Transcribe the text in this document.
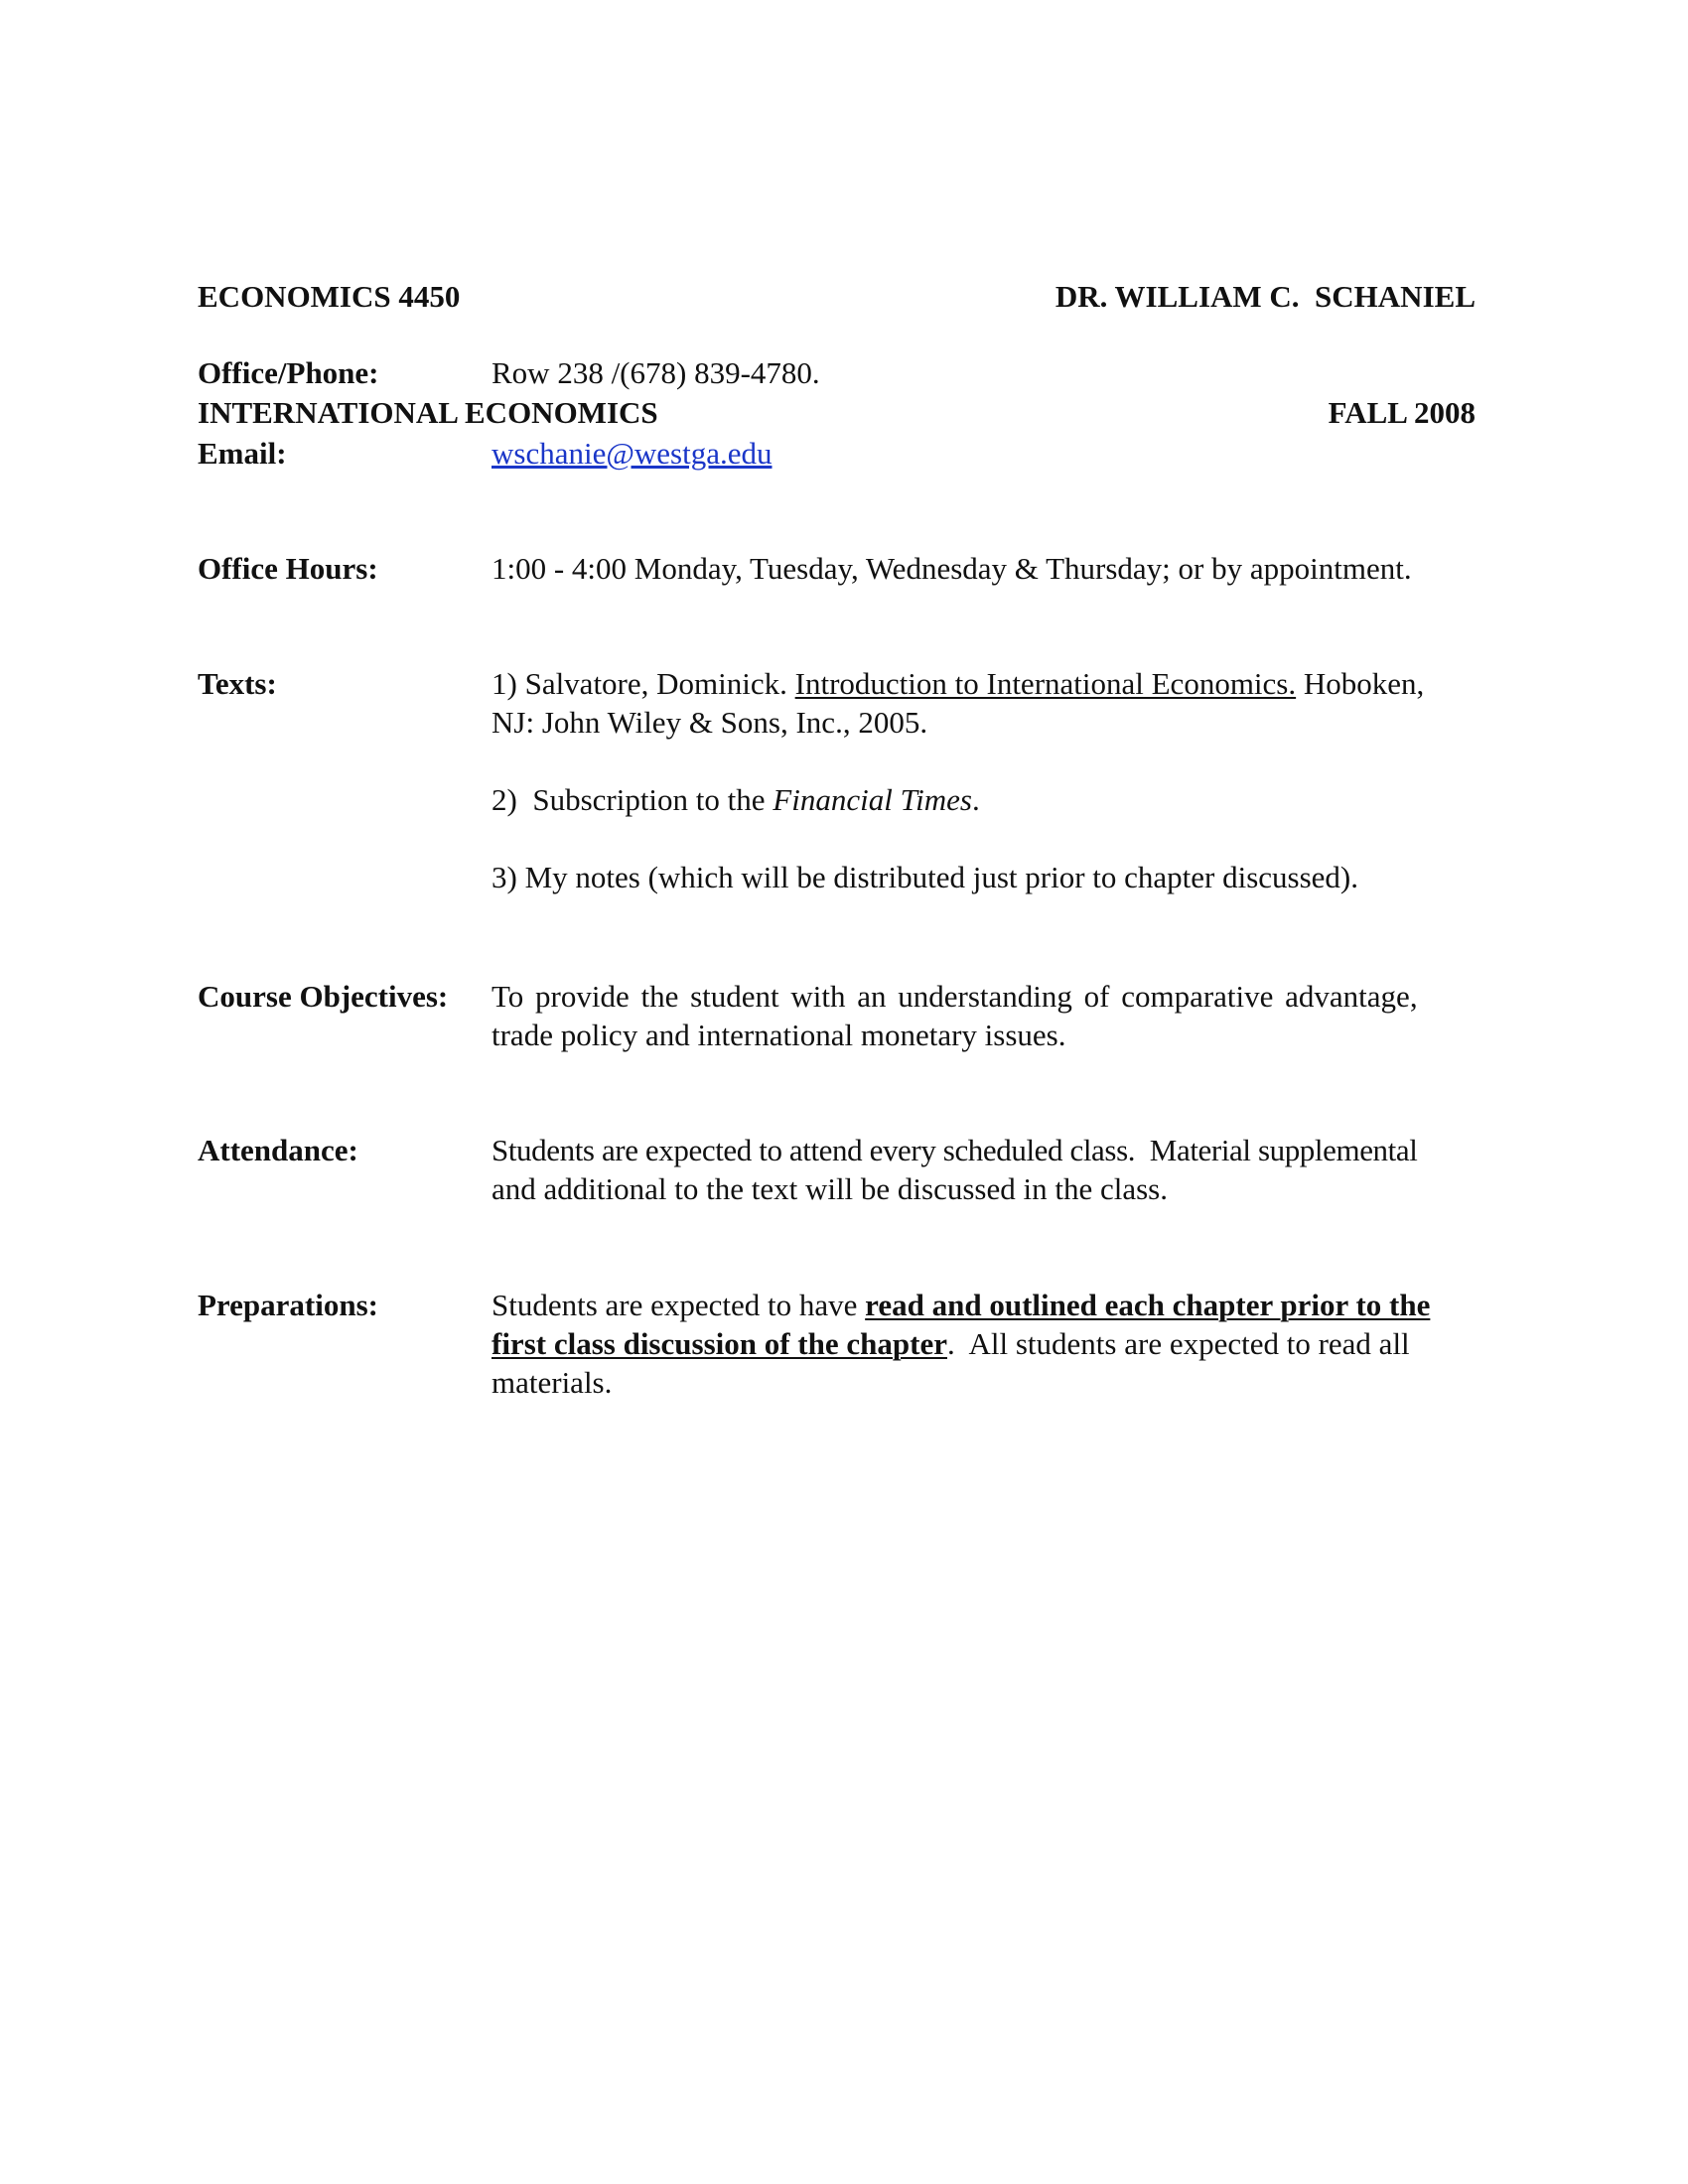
ECONOMICS 4450

INTERNATIONAL ECONOMICS

DR. WILLIAM C.  SCHANIEL

FALL 2008

Office/Phone:	Row 238 /(678) 839-4780.
Email:	wschanie@westga.edu
Office Hours:	1:00 - 4:00 Monday, Tuesday, Wednesday & Thursday; or by appointment.
Texts:	1) Salvatore, Dominick. Introduction to International Economics. Hoboken,
NJ: John Wiley & Sons, Inc., 2005.
2)  Subscription to the Financial Times.
3) My notes (which will be distributed just prior to chapter discussed).
Course Objectives: To provide the student with an understanding of comparative advantage,
trade policy and international monetary issues.
Attendance:	Students are expected to attend every scheduled class.  Material supplemental
and additional to the text will be discussed in the class.
Preparations:	Students are expected to have read and outlined each chapter prior to the
first class discussion of the chapter.  All students are expected to read all
materials.
